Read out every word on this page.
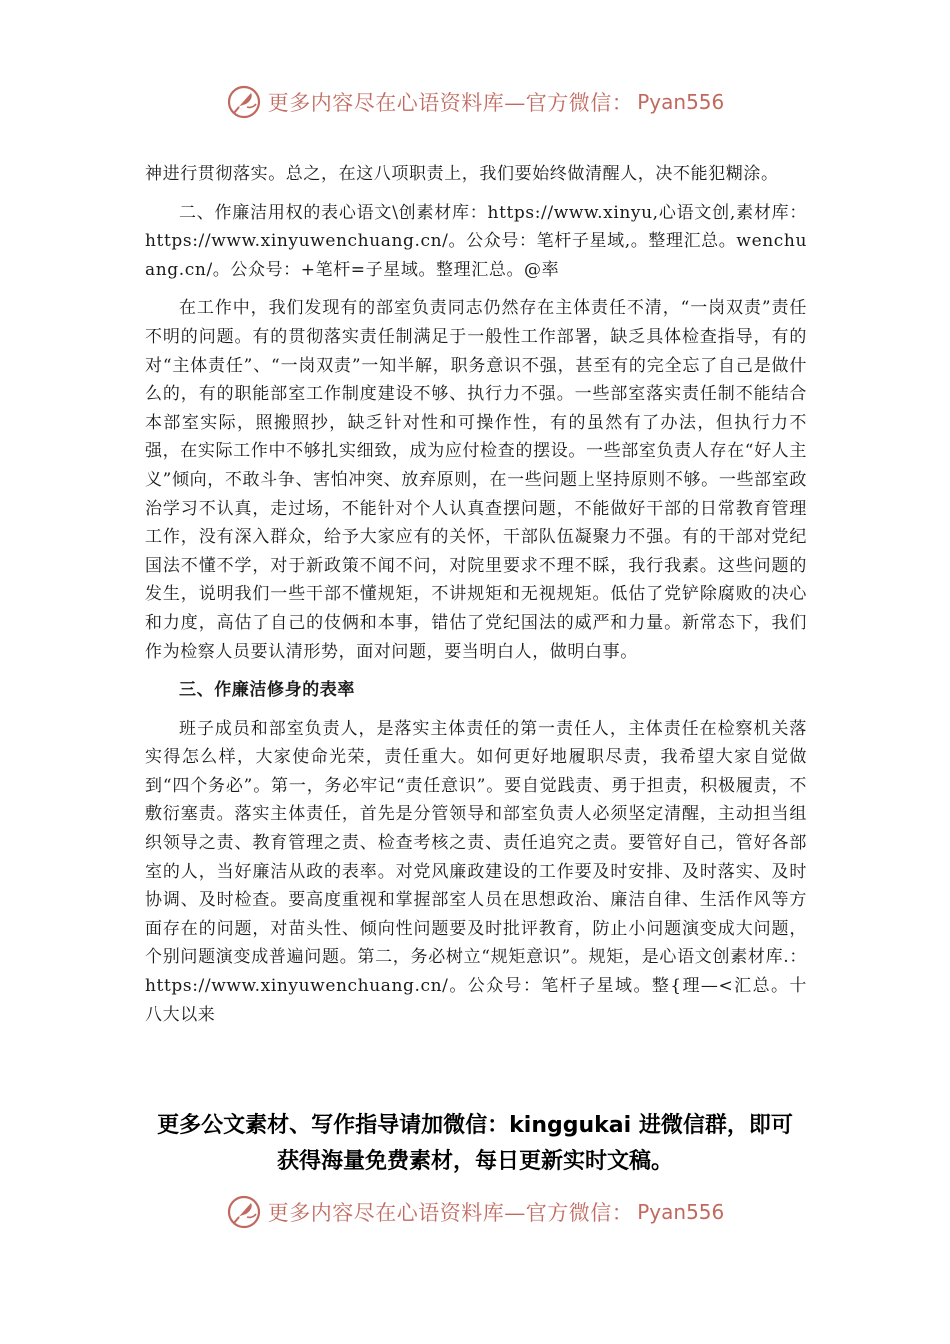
更多内容尽在心语资料库—官方微信： Pyan556

神进行贯彻落实。总之，在这八项职责上，我们要始终做清醒人，决不能犯糊涂。

二、作廉洁用权的表心语文\创素材库：https://www.xinyu,心语文创,素材库：https://www.xinyuwenchuang.cn/。公众号：笔杆子星域,。整理汇总。wenchuang.cn/。公众号：+笔杆=子星域。整理汇总。@率

在工作中，我们发现有的部室负责同志仍然存在主体责任不清，“一岗双责”责任不明的问题。有的贯彻落实责任制满足于一般性工作部署，缺乏具体检查指导，有的对“主体责任”、“一岗双责”一知半解，职务意识不强，甚至有的完全忘了自己是做什么的，有的职能部室工作制度建设不够、执行力不强。一些部室落实责任制不能结合本部室实际，照搬照抄，缺乏针对性和可操作性，有的虽然有了办法，但执行力不强，在实际工作中不够扎实细致，成为应付检查的摆设。一些部室负责人存在“好人主义”倾向，不敢斗争、害怕冲突、放弃原则，在一些问题上坚持原则不够。一些部室政治学习不认真，走过场，不能针对个人认真查摆问题，不能做好干部的日常教育管理工作，没有深入群众，给予大家应有的关怀，干部队伍凝聚力不强。有的干部对党纪国法不懂不学，对于新政策不闻不问，对院里要求不理不睬，我行我素。这些问题的发生，说明我们一些干部不懂规矩，不讲规矩和无视规矩。低估了党铲除腐败的决心和力度，高估了自己的伎俩和本事，错估了党纪国法的威严和力量。新常态下，我们作为检察人员要认清形势，面对问题，要当明白人，做明白事。

三、作廉洁修身的表率

班子成员和部室负责人，是落实主体责任的第一责任人，主体责任在检察机关落实得怎么样，大家使命光荣，责任重大。如何更好地履职尽责，我希望大家自觉做到“四个务必”。第一，务必牢记“责任意识”。要自觉践责、勇于担责，积极履责，不敷衍塞责。落实主体责任，首先是分管领导和部室负责人必须坚定清醒，主动担当组织领导之责、教育管理之责、检查考核之责、责任追究之责。要管好自己，管好各部室的人，当好廉洁从政的表率。对党风廉政建设的工作要及时安排、及时落实、及时协调、及时检查。要高度重视和掌握部室人员在思想政治、廉洁自律、生活作风等方面存在的问题，对苗头性、倾向性问题要及时批评教育，防止小问题演变成大问题，个别问题演变成普遍问题。第二，务必树立“规矩意识”。规矩，是心语文创素材库.：https://www.xinyuwenchuang.cn/。公众号：笔杆子星域。整{理—<汇总。十八大以来

更多公文素材、写作指导请加微信：kinggukai 进微信群，即可
获得海量免费素材，每日更新实时文稿。
更多内容尽在心语资料库—官方微信： Pyan556
